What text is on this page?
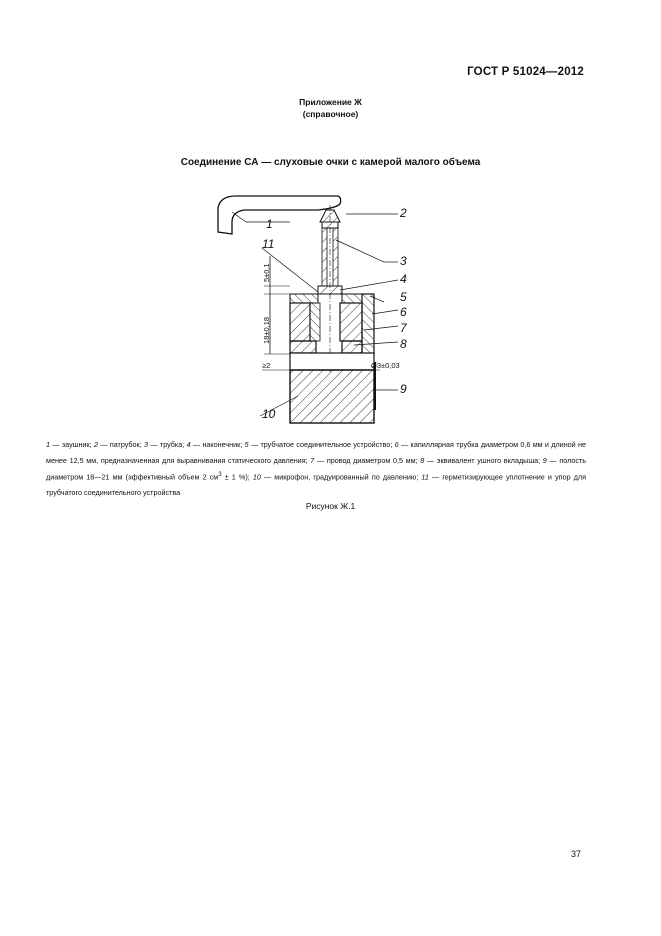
ГОСТ Р 51024—2012
Приложение Ж
(справочное)
Соединение СА — слуховые очки с камерой малого объема
5±0,1
18±0,18
≥2	Ø3±0,03
1
2
3
4
5
6
7
8
9
10
11
1 — заушник; 2 — патрубок; 3 — трубка; 4 — наконечник; 5 — трубчатое соединительное устройство; 6 — капиллярная трубка диаметром 0,6 мм и длиной не менее 12,5 мм, предназначенная для выравнивания статического давления; 7 — провод диаметром 0,5 мм; 8 — эквивалент ушного вкладыша; 9 — полость диаметром 18—21 мм (эффективный объем 2 $см^3 \pm 1$ %); 10 — микрофон, градуированный по давлению; 11 — герметизирующее уплотнение и упор для трубчатого соединительного устройства
Рисунок Ж.1
37
